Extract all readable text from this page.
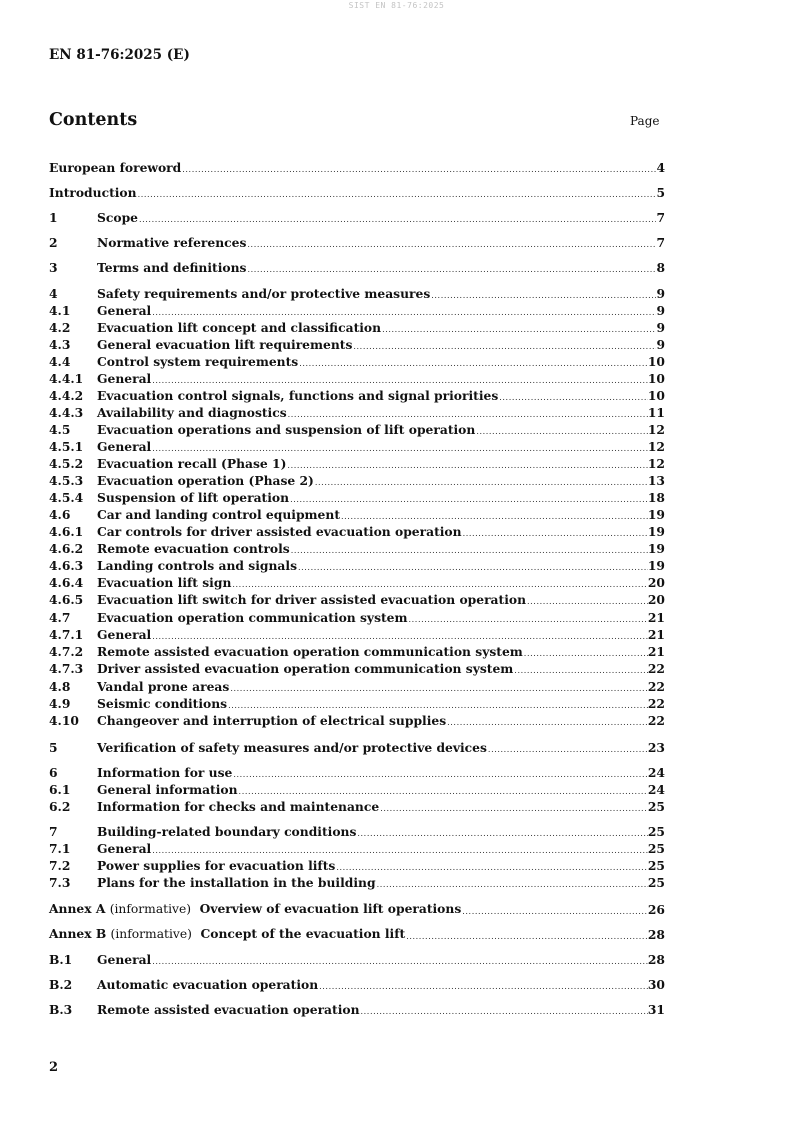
SIST EN 81-76:2025
EN 81-76:2025 (E)
Contents	Page
European foreword .....	4
Introduction .....	5
1	Scope .....	7
2	Normative references .....	7
3	Terms and definitions .....	8
4	Safety requirements and/or protective measures .....	9
4.1	General .....	9
4.2	Evacuation lift concept and classification .....	9
4.3	General evacuation lift requirements .....	9
4.4	Control system requirements .....	10
4.4.1	General .....	10
4.4.2	Evacuation control signals, functions and signal priorities .....	10
4.4.3	Availability and diagnostics .....	11
4.5	Evacuation operations and suspension of lift operation .....	12
4.5.1	General .....	12
4.5.2	Evacuation recall (Phase 1) .....	12
4.5.3	Evacuation operation (Phase 2) .....	13
4.5.4	Suspension of lift operation .....	18
4.6	Car and landing control equipment .....	19
4.6.1	Car controls for driver assisted evacuation operation .....	19
4.6.2	Remote evacuation controls .....	19
4.6.3	Landing controls and signals .....	19
4.6.4	Evacuation lift sign .....	20
4.6.5	Evacuation lift switch for driver assisted evacuation operation .....	20
4.7	Evacuation operation communication system .....	21
4.7.1	General .....	21
4.7.2	Remote assisted evacuation operation communication system .....	21
4.7.3	Driver assisted evacuation operation communication system .....	22
4.8	Vandal prone areas .....	22
4.9	Seismic conditions .....	22
4.10	Changeover and interruption of electrical supplies .....	22
5	Verification of safety measures and/or protective devices .....	23
6	Information for use .....	24
6.1	General information .....	24
6.2	Information for checks and maintenance .....	25
7	Building-related boundary conditions .....	25
7.1	General .....	25
7.2	Power supplies for evacuation lifts .....	25
7.3	Plans for the installation in the building .....	25
Annex A (informative) Overview of evacuation lift operations .....	26
Annex B (informative) Concept of the evacuation lift .....	28
B.1	General .....	28
B.2	Automatic evacuation operation .....	30
B.3	Remote assisted evacuation operation .....	31
2
